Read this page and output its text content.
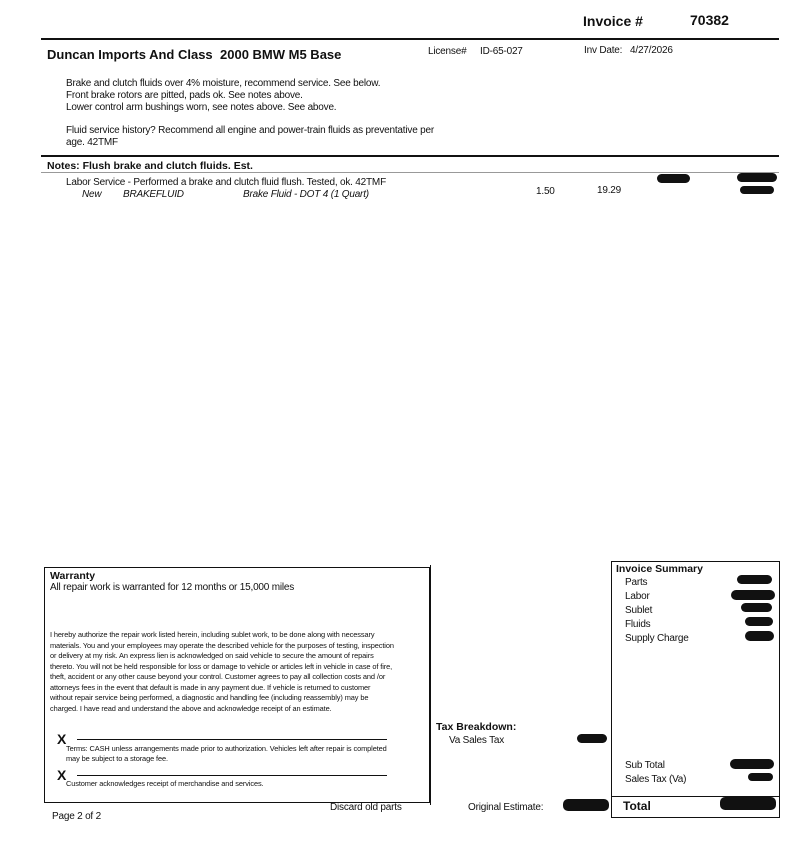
Invoice #	70382
Duncan Imports And Class 2000 BMW M5 Base	License# ID-65-027	Inv Date: 4/27/2026
Brake and clutch fluids over 4% moisture, recommend service. See below.
Front brake rotors are pitted, pads ok. See notes above.
Lower control arm bushings worn, see notes above. See above.
Fluid service history? Recommend all engine and power-train fluids as preventative per
age. 42TMF
Notes: Flush brake and clutch fluids. Est.
Labor Service - Performed a brake and clutch fluid flush. Tested, ok. 42TMF
New BRAKEFLUID	Brake Fluid - DOT 4 (1 Quart)	1.50	19.29
Warranty
All repair work is warranted for 12 months or 15,000 miles
I hereby authorize the repair work listed herein, including sublet work, to be done along with necessary
materials. You and your employees may operate the described vehicle for the purposes of testing, inspection
or delivery at my risk. An express lien is acknowledged on said vehicle to secure the amount of repairs
thereto. You will not be held responsible for loss or damage to vehicle or articles left in vehicle in case of fire,
theft, accident or any other cause beyond your control. Customer agrees to pay all collection costs and /or
attorneys fees in the event that default is made in any payment due. If vehicle is returned to customer
without repair service being performed, a diagnostic and handling fee (including reassembly) may be
charged. I have read and understand the above and acknowledge receipt of an estimate.
X
Terms: CASH unless arrangements made prior to authorization. Vehicles left after repair is completed
may be subject to a storage fee.
X
Customer acknowledges receipt of merchandise and services.
Tax Breakdown:
Va Sales Tax
Invoice Summary
Parts
Labor
Sublet
Fluids
Supply Charge
Sub Total
Sales Tax (Va)
Total
Page 2 of 2
Discard old parts	Original Estimate:
